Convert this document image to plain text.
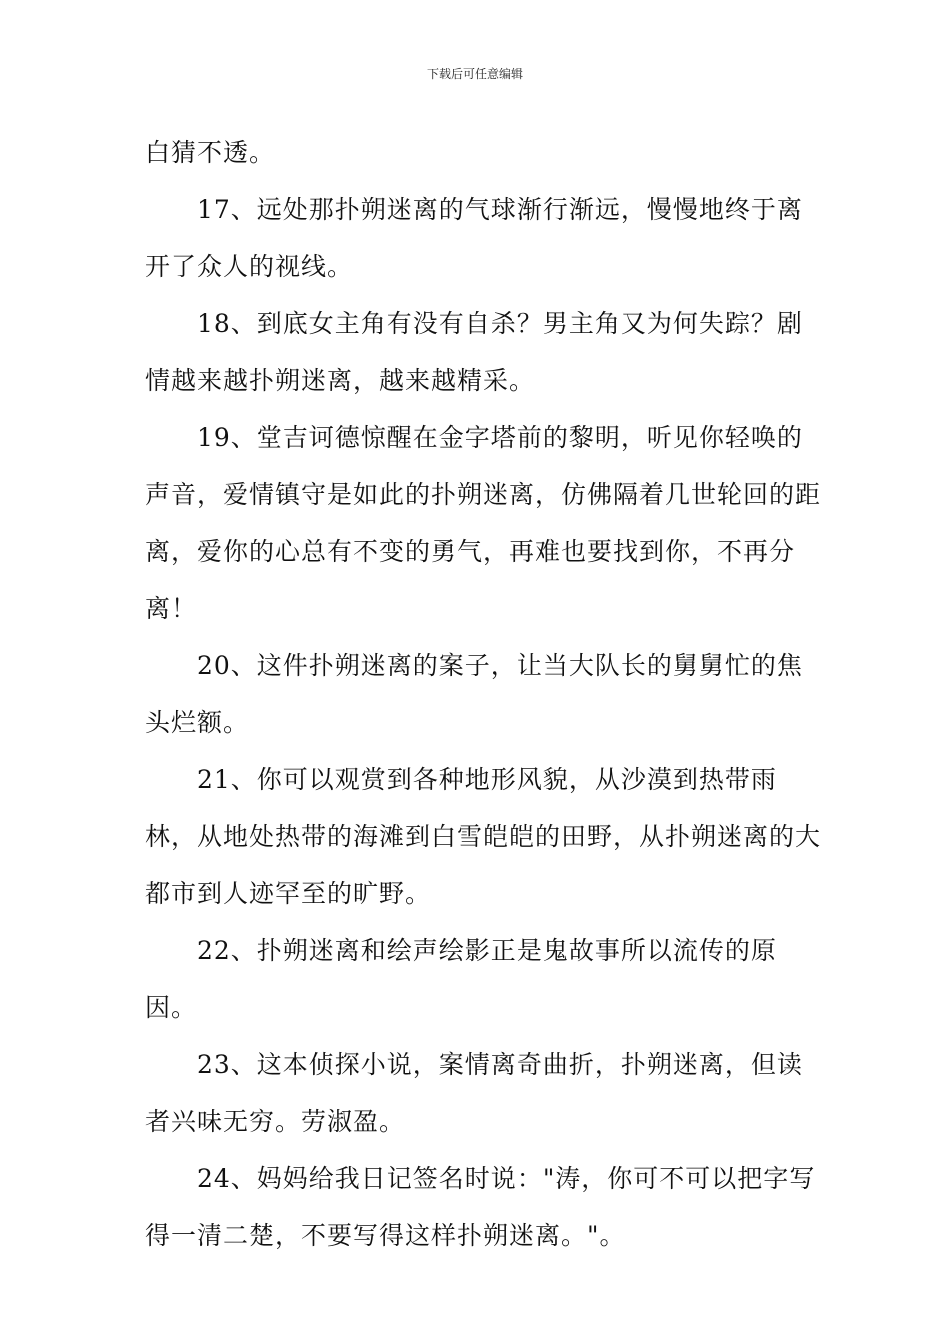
下载后可任意编辑

白猜不透。

17、远处那扑朔迷离的气球渐行渐远，慢慢地终于离开了众人的视线。

18、到底女主角有没有自杀？男主角又为何失踪？剧情越来越扑朔迷离，越来越精采。

19、堂吉诃德惊醒在金字塔前的黎明，听见你轻唤的声音，爱情镇守是如此的扑朔迷离，仿佛隔着几世轮回的距离，爱你的心总有不变的勇气，再难也要找到你，不再分离！

20、这件扑朔迷离的案子，让当大队长的舅舅忙的焦头烂额。

21、你可以观赏到各种地形风貌，从沙漠到热带雨林，从地处热带的海滩到白雪皑皑的田野，从扑朔迷离的大都市到人迹罕至的旷野。

22、扑朔迷离和绘声绘影正是鬼故事所以流传的原因。

23、这本侦探小说，案情离奇曲折，扑朔迷离，但读者兴味无穷。劳淑盈。

24、妈妈给我日记签名时说："涛，你可不可以把字写得一清二楚，不要写得这样扑朔迷离。"。
